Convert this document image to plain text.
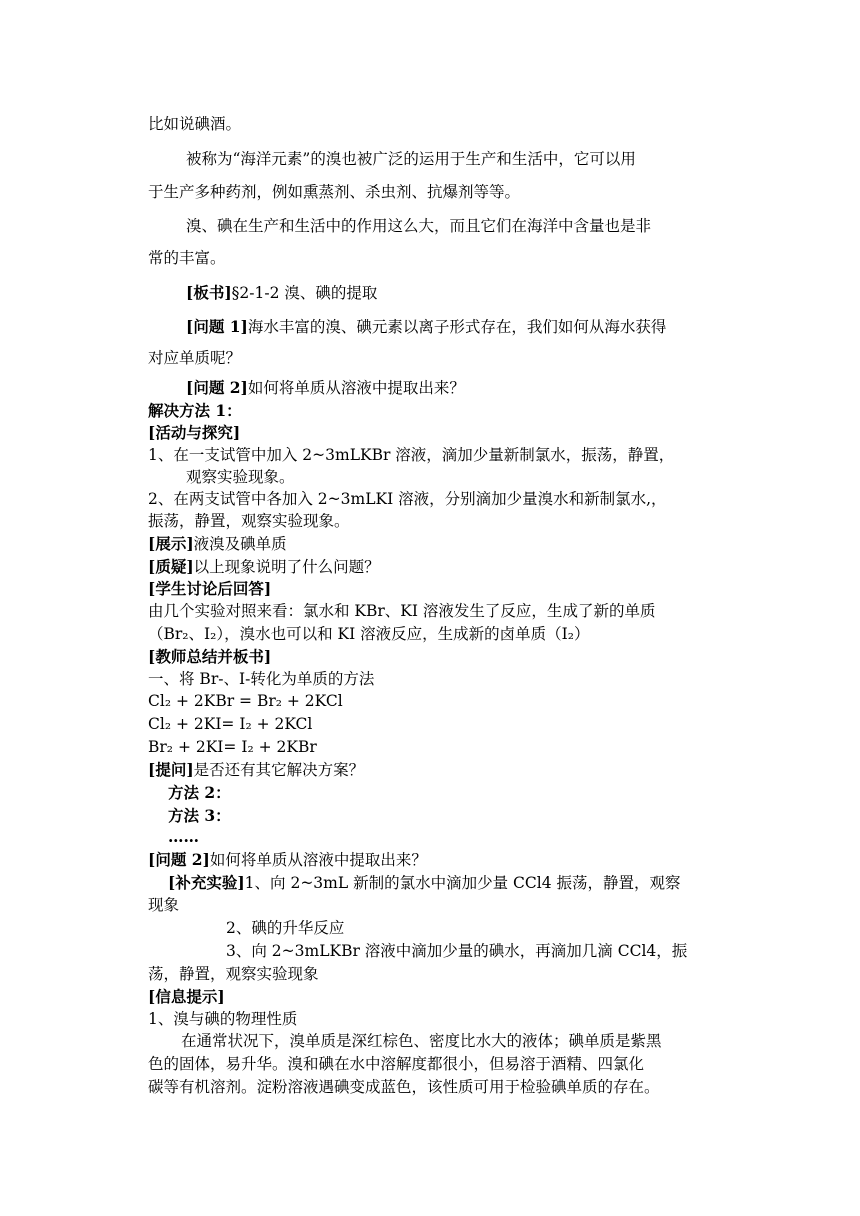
比如说碘酒。
被称为“海洋元素”的溴也被广泛的运用于生产和生活中，它可以用
于生产多种药剂，例如熏蒸剂、杀虫剂、抗爆剂等等。
溴、碘在生产和生活中的作用这么大，而且它们在海洋中含量也是非
常的丰富。
[板书]§2-1-2 溴、碘的提取
[问题 1]海水丰富的溴、碘元素以离子形式存在，我们如何从海水获得
对应单质呢？
[问题 2]如何将单质从溶液中提取出来？
解决方法 1：
[活动与探究]
1、在一支试管中加入 2~3mLKBr 溶液，滴加少量新制氯水，振荡，静置，
观察实验现象。
2、在两支试管中各加入 2~3mLKI 溶液，分别滴加少量溴水和新制氯水,，
振荡，静置，观察实验现象。
[展示]液溴及碘单质
[质疑]以上现象说明了什么问题？
[学生讨论后回答]
由几个实验对照来看：氯水和 KBr、KI 溶液发生了反应，生成了新的单质
（Br₂、I₂），溴水也可以和 KI 溶液反应，生成新的卤单质（I₂）
[教师总结并板书]
一、将 Br-、I-转化为单质的方法
Cl₂ + 2KBr = Br₂ + 2KCl
Cl₂ + 2KI= I₂ + 2KCl
Br₂ + 2KI= I₂ + 2KBr
[提问]是否还有其它解决方案？
方法 2：
方法 3：
……
[问题 2]如何将单质从溶液中提取出来？
[补充实验]1、向 2~3mL 新制的氯水中滴加少量 CCl4 振荡，静置，观察
现象
2、碘的升华反应
3、向 2~3mLKBr 溶液中滴加少量的碘水，再滴加几滴 CCl4，振
荡，静置，观察实验现象
[信息提示]
1、溴与碘的物理性质
在通常状况下，溴单质是深红棕色、密度比水大的液体；碘单质是紫黑
色的固体，易升华。溴和碘在水中溶解度都很小，但易溶于酒精、四氯化
碳等有机溶剂。淀粉溶液遇碘变成蓝色，该性质可用于检验碘单质的存在。
